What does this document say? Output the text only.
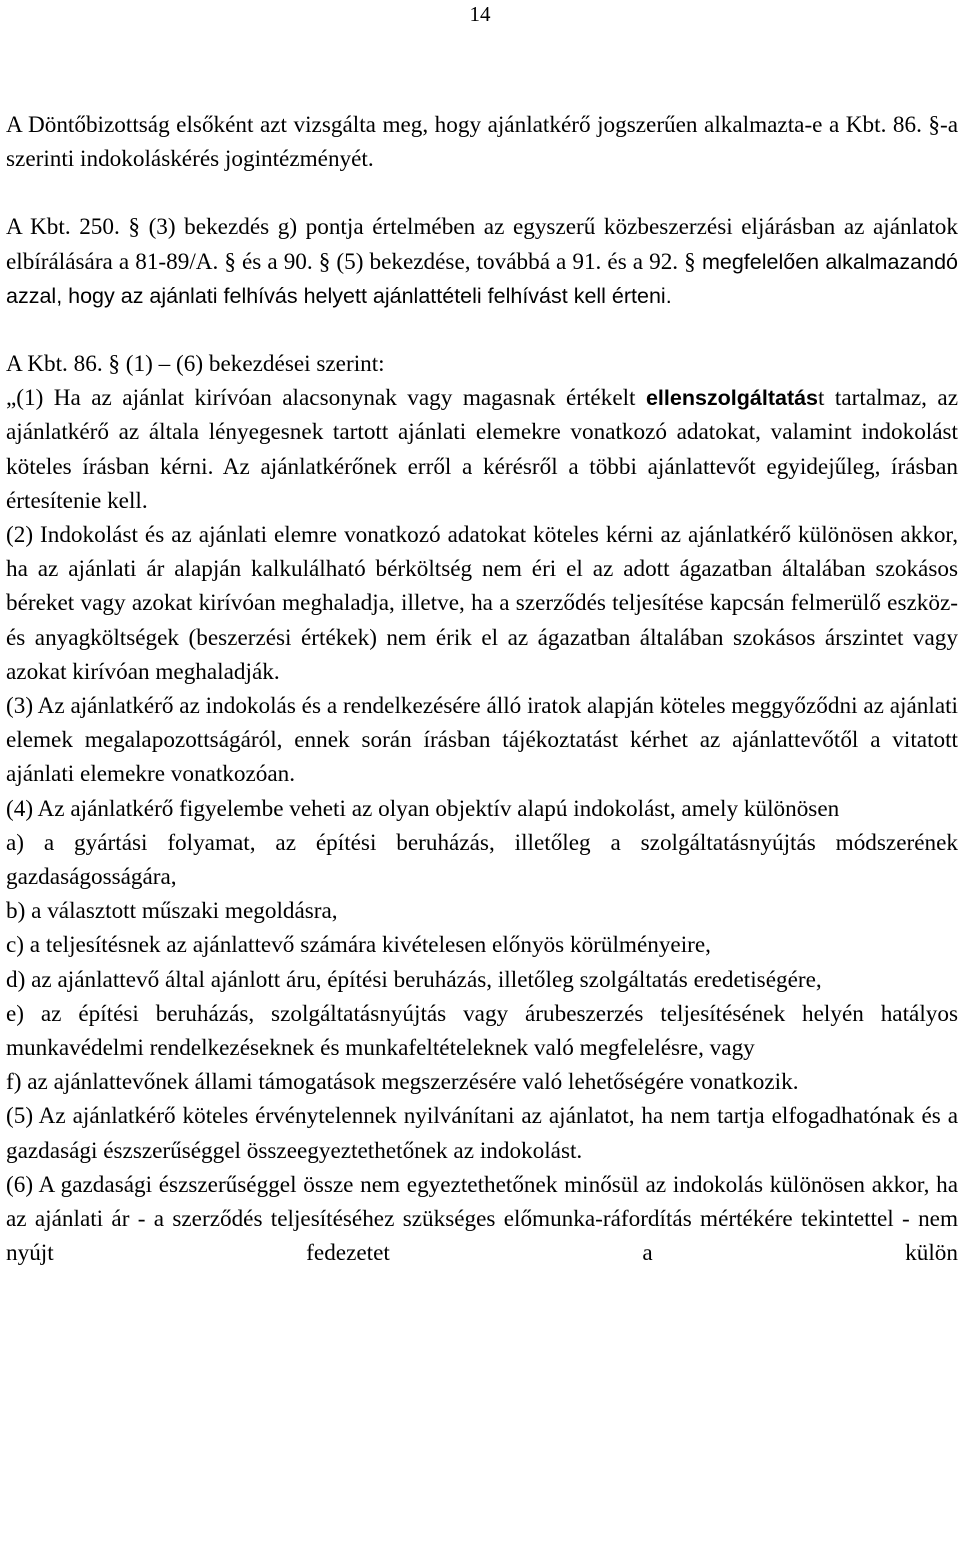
14

A Döntőbizottság elsőként azt vizsgálta meg, hogy ajánlatkérő jogszerűen alkalmazta-e a Kbt. 86. §-a szerinti indokoláskérés jogintézményét.

A Kbt. 250. § (3) bekezdés g) pontja értelmében az egyszerű közbeszerzési eljárásban az ajánlatok elbírálására a 81-89/A. § és a 90. § (5) bekezdése, továbbá a 91. és a 92. § megfelelően alkalmazandó azzal, hogy az ajánlati felhívás helyett ajánlattételi felhívást kell érteni.

A Kbt. 86. § (1) – (6) bekezdései szerint:

„(1) Ha az ajánlat kirívóan alacsonynak vagy magasnak értékelt ellenszolgáltatást tartalmaz, az ajánlatkérő az általa lényegesnek tartott ajánlati elemekre vonatkozó adatokat, valamint indokolást köteles írásban kérni. Az ajánlatkérőnek erről a kérésről a többi ajánlattevőt egyidejűleg, írásban értesítenie kell.

(2) Indokolást és az ajánlati elemre vonatkozó adatokat köteles kérni az ajánlatkérő különösen akkor, ha az ajánlati ár alapján kalkulálható bérköltség nem éri el az adott ágazatban általában szokásos béreket vagy azokat kirívóan meghaladja, illetve, ha a szerződés teljesítése kapcsán felmerülő eszköz- és anyagköltségek (beszerzési értékek) nem érik el az ágazatban általában szokásos árszintet vagy azokat kirívóan meghaladják.

(3) Az ajánlatkérő az indokolás és a rendelkezésére álló iratok alapján köteles meggyőződni az ajánlati elemek megalapozottságáról, ennek során írásban tájékoztatást kérhet az ajánlattevőtől a vitatott ajánlati elemekre vonatkozóan.

(4) Az ajánlatkérő figyelembe veheti az olyan objektív alapú indokolást, amely különösen

a) a gyártási folyamat, az építési beruházás, illetőleg a szolgáltatásnyújtás módszerének gazdaságosságára,

b) a választott műszaki megoldásra,

c) a teljesítésnek az ajánlattevő számára kivételesen előnyös körülményeire,

d) az ajánlattevő által ajánlott áru, építési beruházás, illetőleg szolgáltatás eredetiségére,

e) az építési beruházás, szolgáltatásnyújtás vagy árubeszerzés teljesítésének helyén hatályos munkavédelmi rendelkezéseknek és munkafeltételeknek való megfelelésre, vagy

f) az ajánlattevőnek állami támogatások megszerzésére való lehetőségére vonatkozik.

(5) Az ajánlatkérő köteles érvénytelennek nyilvánítani az ajánlatot, ha nem tartja elfogadhatónak és a gazdasági észszerűséggel összeegyeztethetőnek az indokolást.

(6) A gazdasági észszerűséggel össze nem egyeztethetőnek minősül az indokolás különösen akkor, ha az ajánlati ár - a szerződés teljesítéséhez szükséges előmunka-ráfordítás mértékére tekintettel - nem nyújt fedezetet a külön
